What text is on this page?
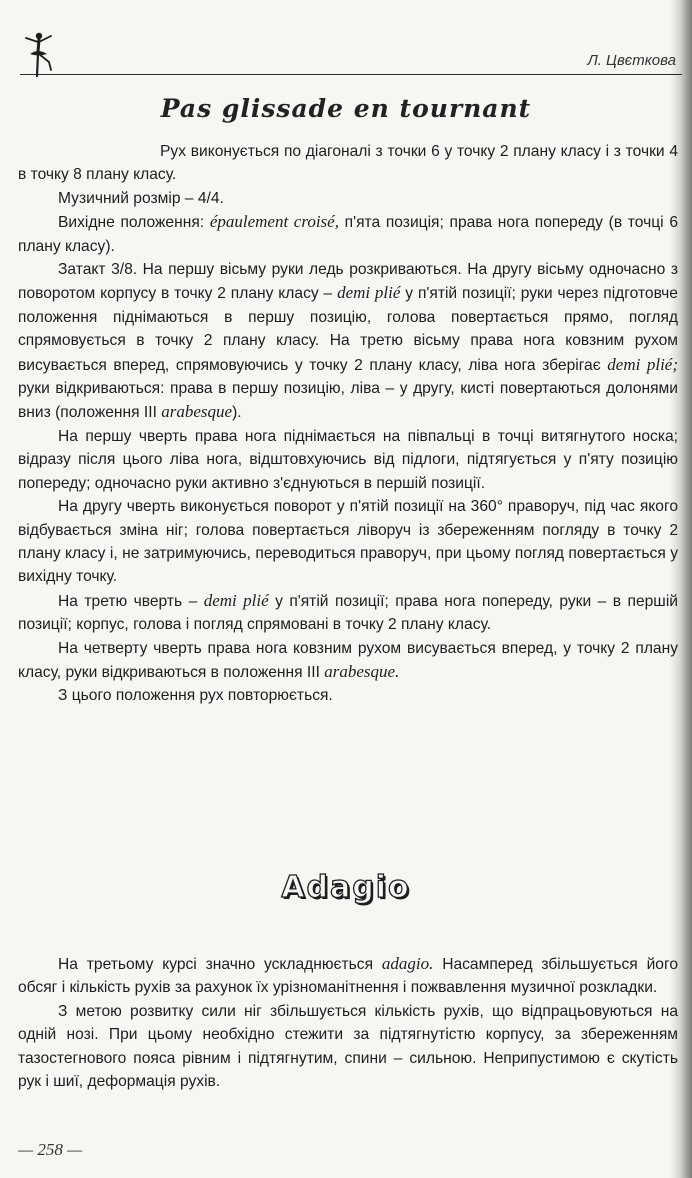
Л. Цвєткова
Pas glissade en tournant

Рух виконується по діагоналі з точки 6 у точку 2 плану класу і з точки 4 в точку 8 плану класу.

Музичний розмір – 4/4.

Вихідне положення: épaulement croisé, п'ята позиція; права нога попереду (в точці 6 плану класу).

Затакт 3/8. На першу вісьму руки ледь розкриваються. На другу вісьму одночасно з поворотом корпусу в точку 2 плану класу – demi plié у п'ятій позиції; руки через підготовче положення піднімаються в першу позицію, голова повертається прямо, погляд спрямовується в точку 2 плану класу. На третю вісьму права нога ковзним рухом висувається вперед, спрямовуючись у точку 2 плану класу, ліва нога зберігає demi plié; руки відкриваються: права в першу позицію, ліва – у другу, кисті повертаються долонями вниз (положення III arabesque).

На першу чверть права нога піднімається на півпальці в точці витягнутого носка; відразу після цього ліва нога, відштовхуючись від підлоги, підтягується у п'яту позицію попереду; одночасно руки активно з'єднуються в першій позиції.

На другу чверть виконується поворот у п'ятій позиції на 360° праворуч, під час якого відбувається зміна ніг; голова повертається ліворуч із збереженням погляду в точку 2 плану класу і, не затримуючись, переводиться праворуч, при цьому погляд повертається у вихідну точку.

На третю чверть – demi plié у п'ятій позиції; права нога попереду, руки – в першій позиції; корпус, голова і погляд спрямовані в точку 2 плану класу.

На четверту чверть права нога ковзним рухом висувається вперед, у точку 2 плану класу, руки відкриваються в положення III arabesque.

З цього положення рух повторюється.

Adagio

На третьому курсі значно ускладнюється adagio. Насамперед збільшується його обсяг і кількість рухів за рахунок їх урізноманітнення і пожвавлення музичної розкладки.

З метою розвитку сили ніг збільшується кількість рухів, що відпрацьовуються на одній нозі. При цьому необхідно стежити за підтягнутістю корпусу, за збереженням тазостегнового пояса рівним і підтягнутим, спини – сильною. Неприпустимою є скутість рук і шиї, деформація рухів.

— 258 —
